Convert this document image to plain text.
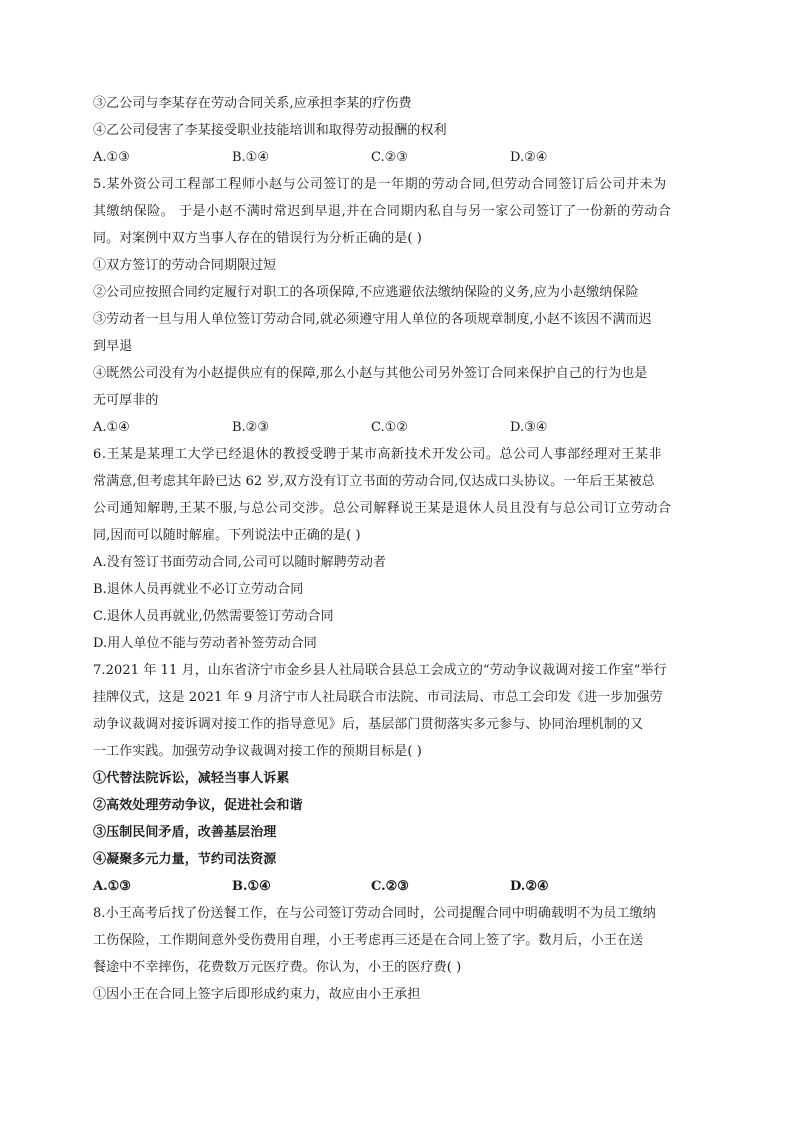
③乙公司与李某存在劳动合同关系,应承担李某的疗伤费
④乙公司侵害了李某接受职业技能培训和取得劳动报酬的权利
A.①③	B.①④	C.②③	D.②④
5.某外资公司工程部工程师小赵与公司签订的是一年期的劳动合同,但劳动合同签订后公司并未为
其缴纳保险。 于是小赵不满时常迟到早退,并在合同期内私自与另一家公司签订了一份新的劳动合
同。对案例中双方当事人存在的错误行为分析正确的是( )
①双方签订的劳动合同期限过短
②公司应按照合同约定履行对职工的各项保障,不应逃避依法缴纳保险的义务,应为小赵缴纳保险
③劳动者一旦与用人单位签订劳动合同,就必须遵守用人单位的各项规章制度,小赵不该因不满而迟
到早退
④既然公司没有为小赵提供应有的保障,那么小赵与其他公司另外签订合同来保护自己的行为也是
无可厚非的
A.①④	B.②③	C.①②	D.③④
6.王某是某理工大学已经退休的教授受聘于某市高新技术开发公司。总公司人事部经理对王某非
常满意,但考虑其年龄已达 62 岁,双方没有订立书面的劳动合同,仅达成口头协议。一年后王某被总
公司通知解聘,王某不服,与总公司交涉。总公司解释说王某是退休人员且没有与总公司订立劳动合
同,因而可以随时解雇。下列说法中正确的是( )
A.没有签订书面劳动合同,公司可以随时解聘劳动者
B.退休人员再就业不必订立劳动合同
C.退休人员再就业,仍然需要签订劳动合同
D.用人单位不能与劳动者补签劳动合同
7.2021 年 11 月，山东省济宁市金乡县人社局联合县总工会成立的“劳动争议裁调对接工作室”举行
挂牌仪式，这是 2021 年 9 月济宁市人社局联合市法院、市司法局、市总工会印发《进一步加强劳
动争议裁调对接诉调对接工作的指导意见》后，基层部门贯彻落实多元参与、协同治理机制的又
一工作实践。加强劳动争议裁调对接工作的预期目标是( )
①代替法院诉讼，减轻当事人诉累
②高效处理劳动争议，促进社会和谐
③压制民间矛盾，改善基层治理
④凝聚多元力量，节约司法资源
A.①③	B.①④	C.②③	D.②④
8.小王高考后找了份送餐工作，在与公司签订劳动合同时，公司提醒合同中明确载明不为员工缴纳
工伤保险，工作期间意外受伤费用自理，小王考虑再三还是在合同上签了字。数月后，小王在送
餐途中不幸摔伤，花费数万元医疗费。你认为，小王的医疗费( )
①因小王在合同上签字后即形成约束力，故应由小王承担
